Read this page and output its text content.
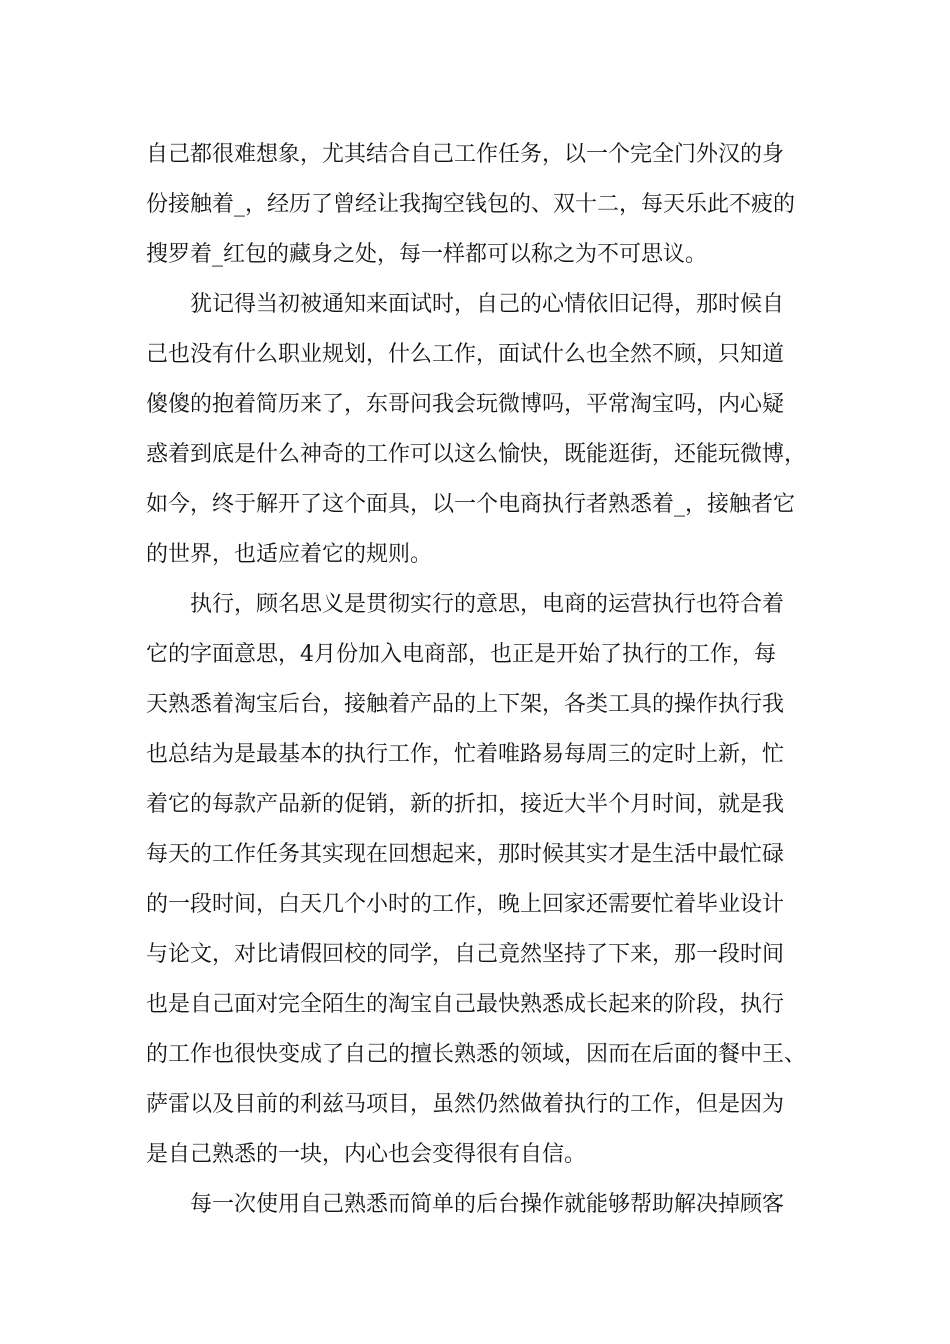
自己都很难想象，尤其结合自己工作任务，以一个完全门外汉的身
份接触着_，经历了曾经让我掏空钱包的、双十二，每天乐此不疲的
搜罗着_红包的藏身之处，每一样都可以称之为不可思议。
犹记得当初被通知来面试时，自己的心情依旧记得，那时候自
己也没有什么职业规划，什么工作，面试什么也全然不顾，只知道
傻傻的抱着简历来了，东哥问我会玩微博吗，平常淘宝吗，内心疑
惑着到底是什么神奇的工作可以这么愉快，既能逛街，还能玩微博，
如今，终于解开了这个面具，以一个电商执行者熟悉着_，接触者它
的世界，也适应着它的规则。
执行，顾名思义是贯彻实行的意思，电商的运营执行也符合着
它的字面意思，4月份加入电商部，也正是开始了执行的工作，每
天熟悉着淘宝后台，接触着产品的上下架，各类工具的操作执行我
也总结为是最基本的执行工作，忙着唯路易每周三的定时上新，忙
着它的每款产品新的促销，新的折扣，接近大半个月时间，就是我
每天的工作任务其实现在回想起来，那时候其实才是生活中最忙碌
的一段时间，白天几个小时的工作，晚上回家还需要忙着毕业设计
与论文，对比请假回校的同学，自己竟然坚持了下来，那一段时间
也是自己面对完全陌生的淘宝自己最快熟悉成长起来的阶段，执行
的工作也很快变成了自己的擅长熟悉的领域，因而在后面的餐中王、
萨雷以及目前的利兹马项目，虽然仍然做着执行的工作，但是因为
是自己熟悉的一块，内心也会变得很有自信。
每一次使用自己熟悉而简单的后台操作就能够帮助解决掉顾客
